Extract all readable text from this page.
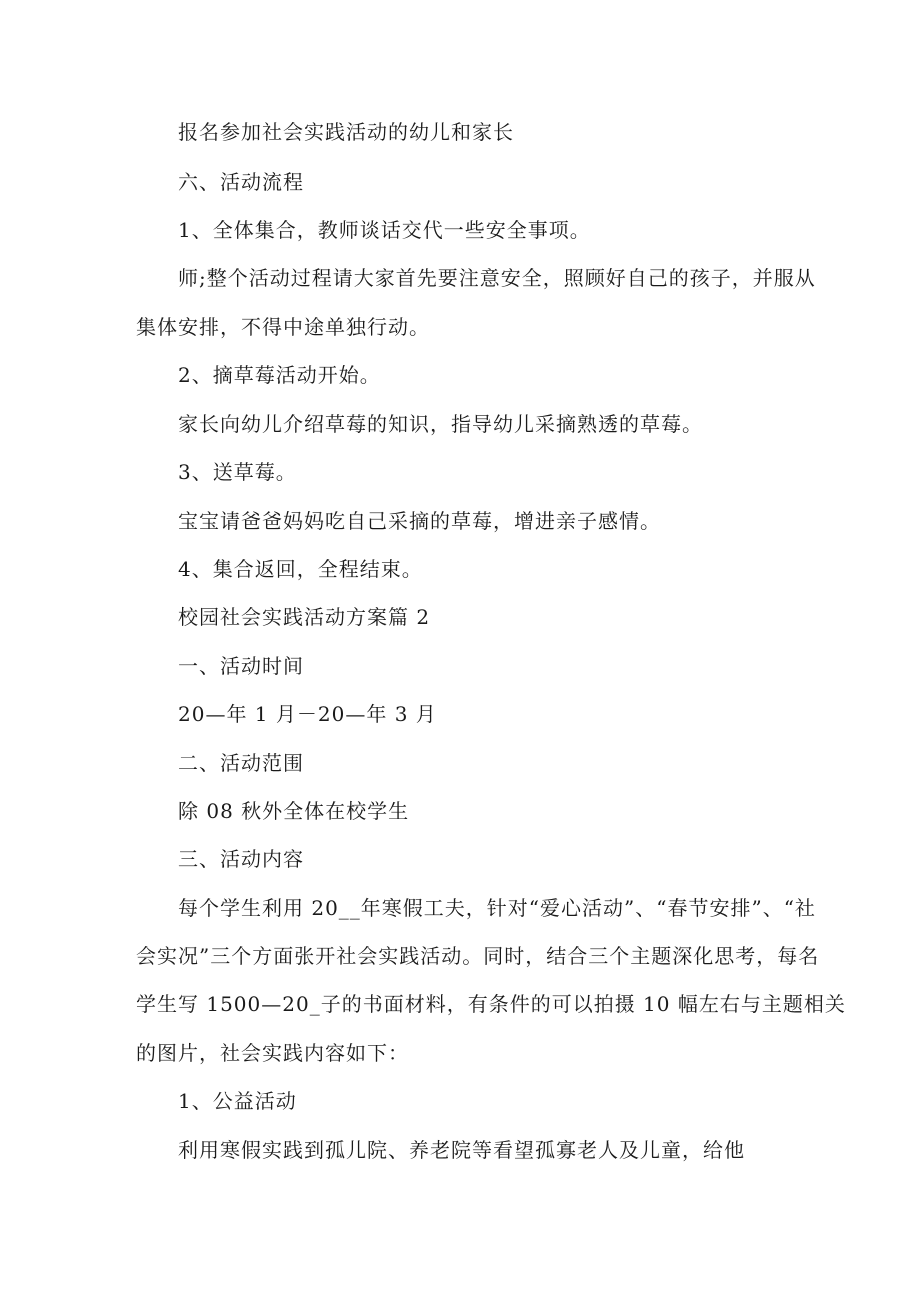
报名参加社会实践活动的幼儿和家长
六、活动流程
1、全体集合，教师谈话交代一些安全事项。
师;整个活动过程请大家首先要注意安全，照顾好自己的孩子，并服从
集体安排，不得中途单独行动。
2、摘草莓活动开始。
家长向幼儿介绍草莓的知识，指导幼儿采摘熟透的草莓。
3、送草莓。
宝宝请爸爸妈妈吃自己采摘的草莓，增进亲子感情。
4、集合返回，全程结束。
校园社会实践活动方案篇 2
一、活动时间
20—年 1 月－20—年 3 月
二、活动范围
除 08 秋外全体在校学生
三、活动内容
每个学生利用 20__年寒假工夫，针对“爱心活动”、“春节安排”、“社
会实况”三个方面张开社会实践活动。同时，结合三个主题深化思考，每名
学生写 1500—20_子的书面材料，有条件的可以拍摄 10 幅左右与主题相关
的图片，社会实践内容如下：
1、公益活动
利用寒假实践到孤儿院、养老院等看望孤寡老人及儿童，给他
